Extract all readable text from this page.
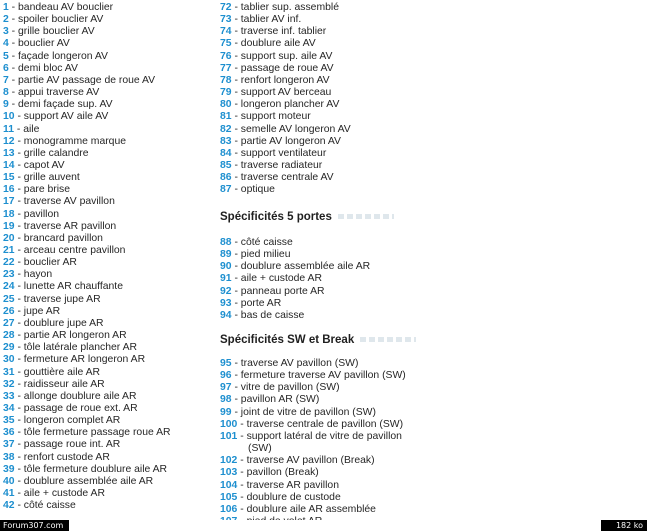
1 - bandeau AV bouclier
2 - spoiler bouclier AV
3 - grille bouclier AV
4 - bouclier AV
5 - façade longeron AV
6 - demi bloc AV
7 - partie AV passage de roue AV
8 - appui traverse AV
9 - demi façade sup. AV
10 - support AV aile AV
11 - aile
12 - monogramme marque
13 - grille calandre
14 - capot AV
15 - grille auvent
16 - pare brise
17 - traverse AV pavillon
18 - pavillon
19 - traverse AR pavillon
20 - brancard pavillon
21 - arceau centre pavillon
22 - bouclier AR
23 - hayon
24 - lunette AR chauffante
25 - traverse jupe AR
26 - jupe AR
27 - doublure jupe AR
28 - partie AR longeron AR
29 - tôle latérale plancher AR
30 - fermeture AR longeron AR
31 - gouttière aile AR
32 - raidisseur aile AR
33 - allonge doublure aile AR
34 - passage de roue ext. AR
35 - longeron complet AR
36 - tôle fermeture passage roue AR
37 - passage roue int. AR
38 - renfort custode AR
39 - tôle fermeture doublure aile AR
40 - doublure assemblée aile AR
41 - aile + custode AR
42 - côté caisse
72 - tablier sup. assemblé
73 - tablier AV inf.
74 - traverse inf. tablier
75 - doublure aile AV
76 - support sup. aile AV
77 - passage de roue AV
78 - renfort longeron AV
79 - support AV berceau
80 - longeron plancher AV
81 - support moteur
82 - semelle AV longeron AV
83 - partie AV longeron AV
84 - support ventilateur
85 - traverse radiateur
86 - traverse centrale AV
87 - optique
Spécificités 5 portes
88 - côté caisse
89 - pied milieu
90 - doublure assemblée aile AR
91 - aile + custode AR
92 - panneau porte AR
93 - porte AR
94 - bas de caisse
Spécificités SW et Break
95 - traverse AV pavillon (SW)
96 - fermeture traverse AV pavillon (SW)
97 - vitre de pavillon (SW)
98 - pavillon AR (SW)
99 - joint de vitre de pavillon (SW)
100 - traverse centrale de pavillon (SW)
101 - support latéral de vitre de pavillon
(SW)
102 - traverse AV pavillon (Break)
103 - pavillon (Break)
104 - traverse AR pavillon
105 - doublure de custode
106 - doublure aile AR assemblée
Forum307.com	182 ko
